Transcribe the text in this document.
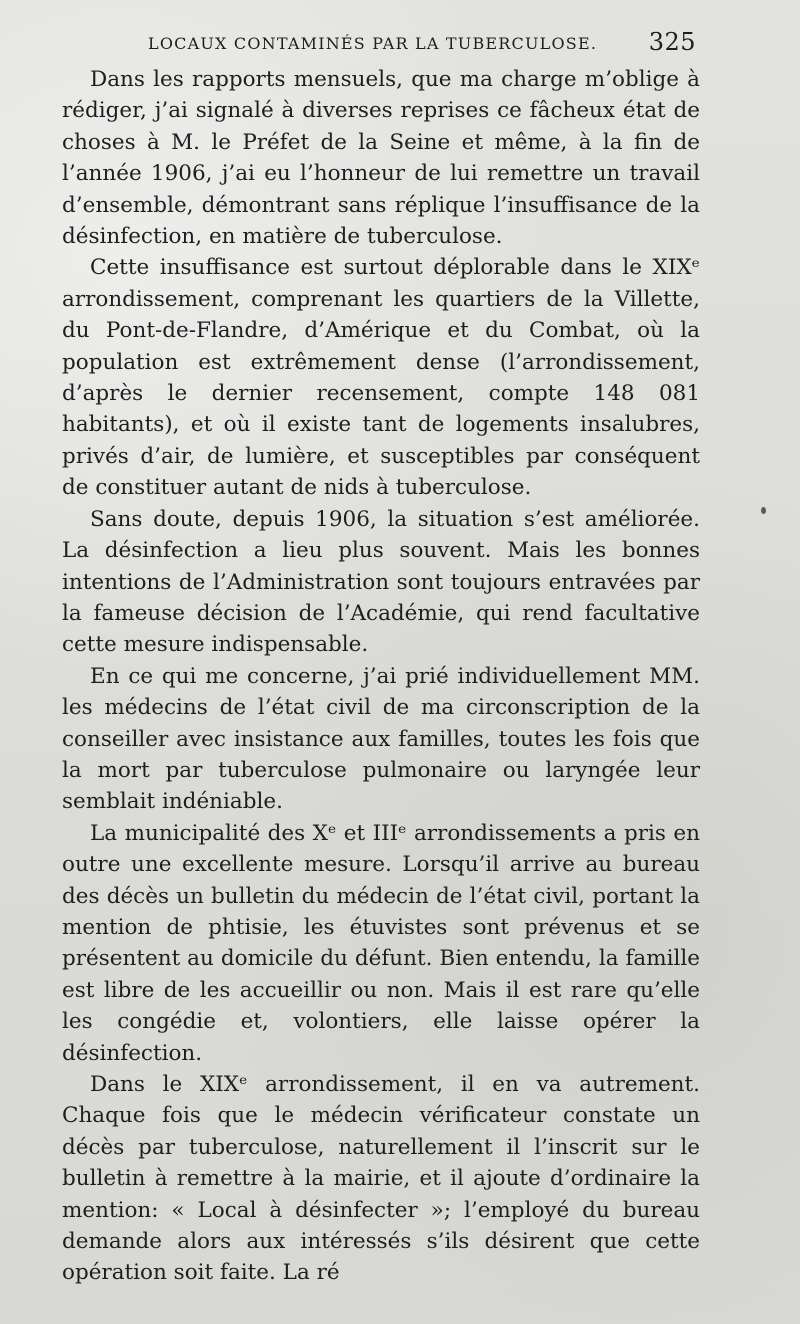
LOCAUX CONTAMINÉS PAR LA TUBERCULOSE. 325

Dans les rapports mensuels, que ma charge m’oblige à rédiger, j’ai signalé à diverses reprises ce fâcheux état de choses à M. le Préfet de la Seine et même, à la fin de l’année 1906, j’ai eu l’honneur de lui remettre un travail d’ensemble, démontrant sans réplique l’insuffisance de la désinfection, en matière de tuberculose.

Cette insuffisance est surtout déplorable dans le XIXᵉ arrondissement, comprenant les quartiers de la Villette, du Pont-de-Flandre, d’Amérique et du Combat, où la population est extrêmement dense (l’arrondissement, d’après le dernier recensement, compte 148 081 habitants), et où il existe tant de logements insalubres, privés d’air, de lumière, et susceptibles par conséquent de constituer autant de nids à tuberculose.

Sans doute, depuis 1906, la situation s’est améliorée. La désinfection a lieu plus souvent. Mais les bonnes intentions de l’Administration sont toujours entravées par la fameuse décision de l’Académie, qui rend facultative cette mesure indispensable.

En ce qui me concerne, j’ai prié individuellement MM. les médecins de l’état civil de ma circonscription de la conseiller avec insistance aux familles, toutes les fois que la mort par tuberculose pulmonaire ou laryngée leur semblait indéniable.

La municipalité des Xᵉ et IIIᵉ arrondissements a pris en outre une excellente mesure. Lorsqu’il arrive au bureau des décès un bulletin du médecin de l’état civil, portant la mention de phtisie, les étuvistes sont prévenus et se présentent au domicile du défunt. Bien entendu, la famille est libre de les accueillir ou non. Mais il est rare qu’elle les congédie et, volontiers, elle laisse opérer la désinfection.

Dans le XIXᵉ arrondissement, il en va autrement. Chaque fois que le médecin vérificateur constate un décès par tuberculose, naturellement il l’inscrit sur le bulletin à remettre à la mairie, et il ajoute d’ordinaire la mention: « Local à désinfecter »; l’employé du bureau demande alors aux intéressés s’ils désirent que cette opération soit faite. La ré
